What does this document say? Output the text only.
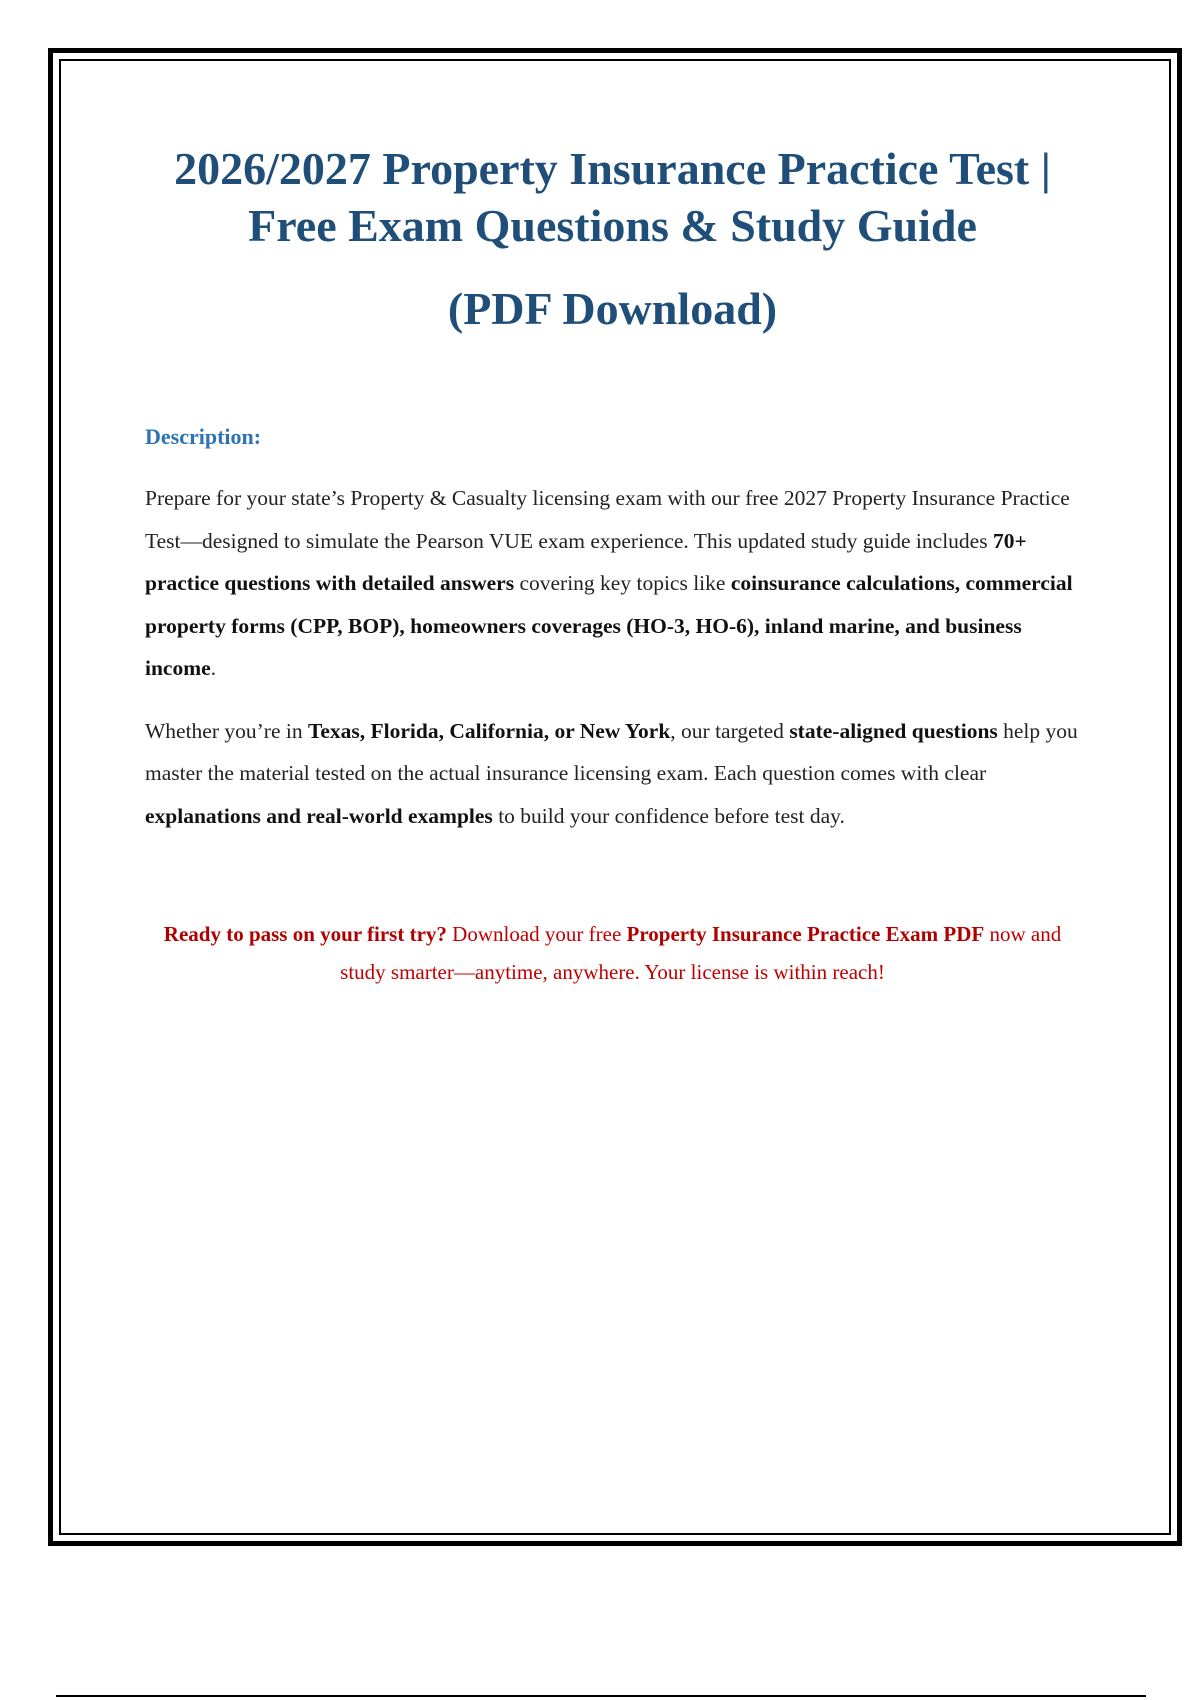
2026/2027 Property Insurance Practice Test |
Free Exam Questions & Study Guide
(PDF Download)
Description:

Prepare for your state’s Property & Casualty licensing exam with our free 2027 Property Insurance Practice Test—designed to simulate the Pearson VUE exam experience. This updated study guide includes 70+ practice questions with detailed answers covering key topics like coinsurance calculations, commercial property forms (CPP, BOP), homeowners coverages (HO-3, HO-6), inland marine, and business income.

Whether you’re in Texas, Florida, California, or New York, our targeted state-aligned questions help you master the material tested on the actual insurance licensing exam. Each question comes with clear explanations and real-world examples to build your confidence before test day.

Ready to pass on your first try? Download your free Property Insurance Practice Exam PDF now and study smarter—anytime, anywhere. Your license is within reach!
